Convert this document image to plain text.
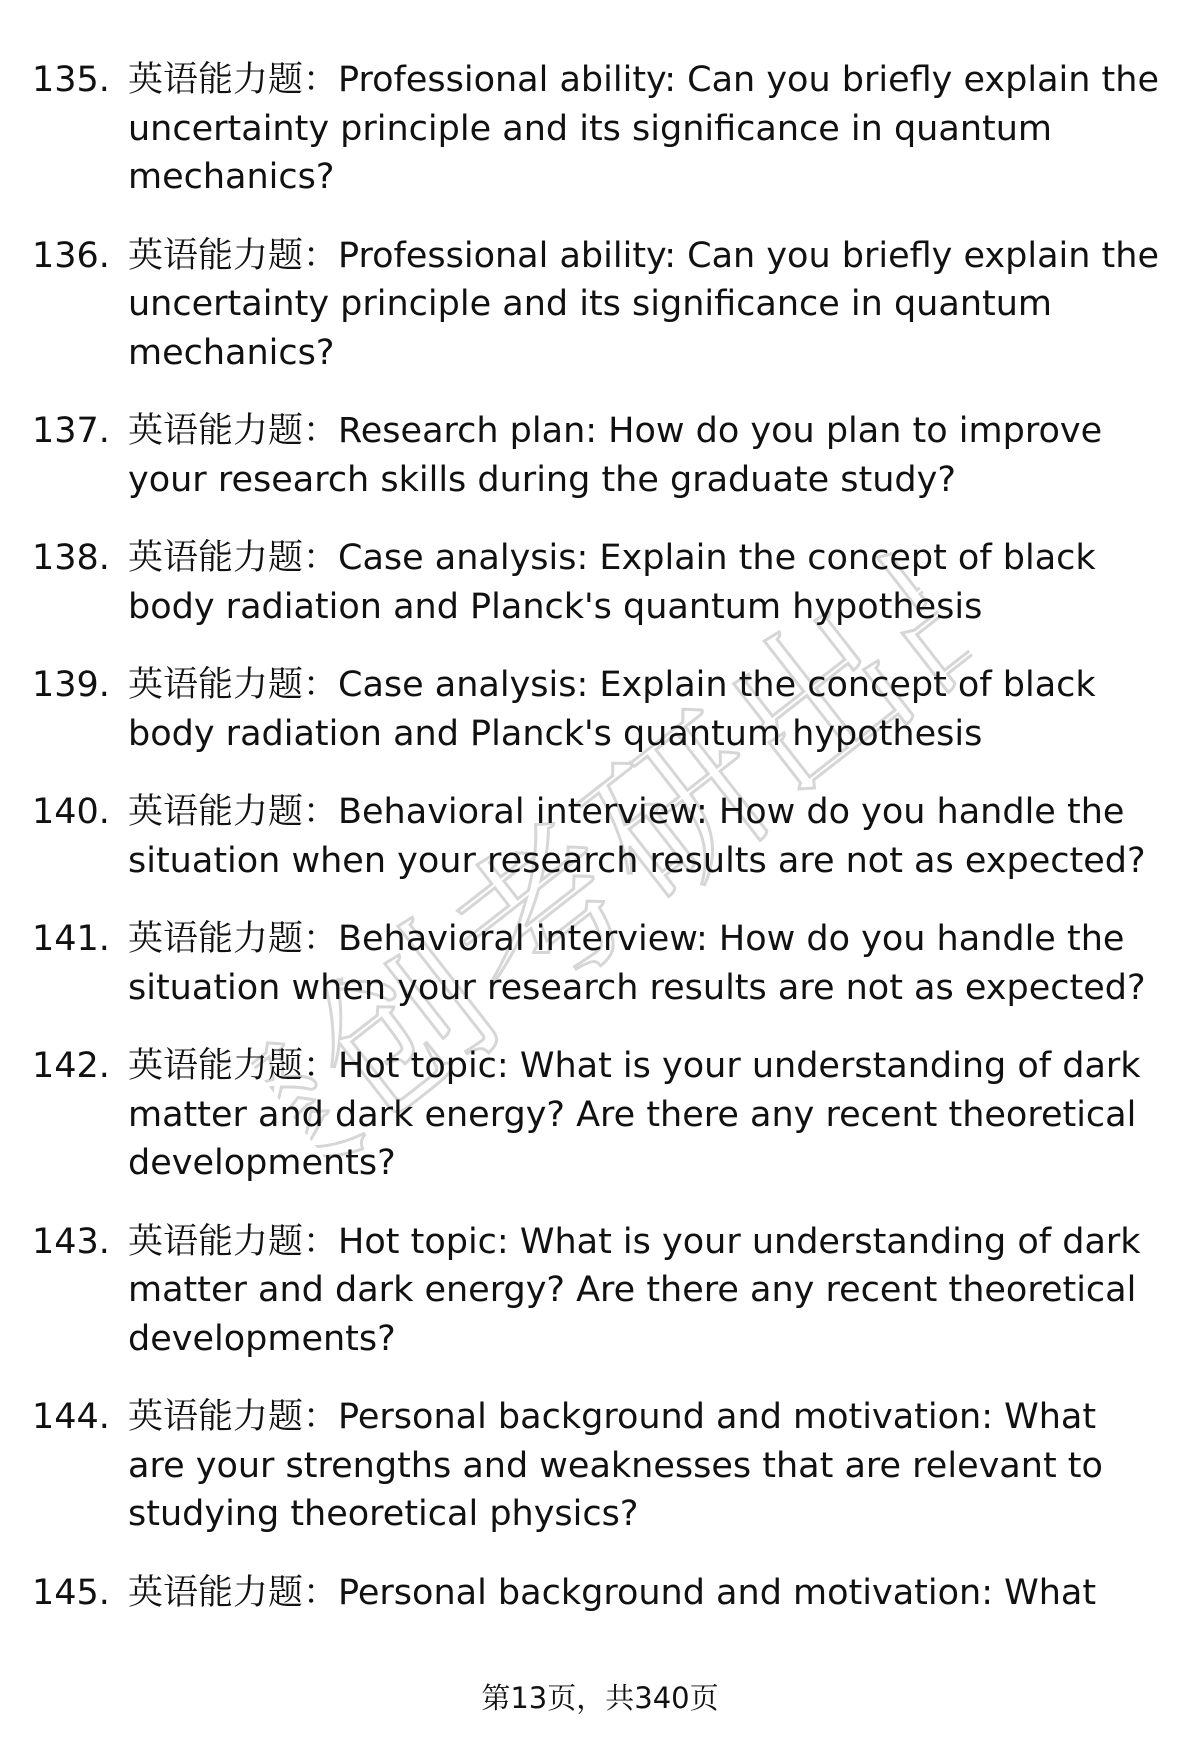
聚创考研出品
135. 英语能力题：Professional ability: Can you briefly explain the uncertainty principle and its significance in quantum mechanics?
136. 英语能力题：Professional ability: Can you briefly explain the uncertainty principle and its significance in quantum mechanics?
137. 英语能力题：Research plan: How do you plan to improve your research skills during the graduate study?
138. 英语能力题：Case analysis: Explain the concept of black body radiation and Planck's quantum hypothesis
139. 英语能力题：Case analysis: Explain the concept of black body radiation and Planck's quantum hypothesis
140. 英语能力题：Behavioral interview: How do you handle the situation when your research results are not as expected?
141. 英语能力题：Behavioral interview: How do you handle the situation when your research results are not as expected?
142. 英语能力题：Hot topic: What is your understanding of dark matter and dark energy? Are there any recent theoretical developments?
143. 英语能力题：Hot topic: What is your understanding of dark matter and dark energy? Are there any recent theoretical developments?
144. 英语能力题：Personal background and motivation: What are your strengths and weaknesses that are relevant to studying theoretical physics?
145. 英语能力题：Personal background and motivation: What
第13页，共340页
